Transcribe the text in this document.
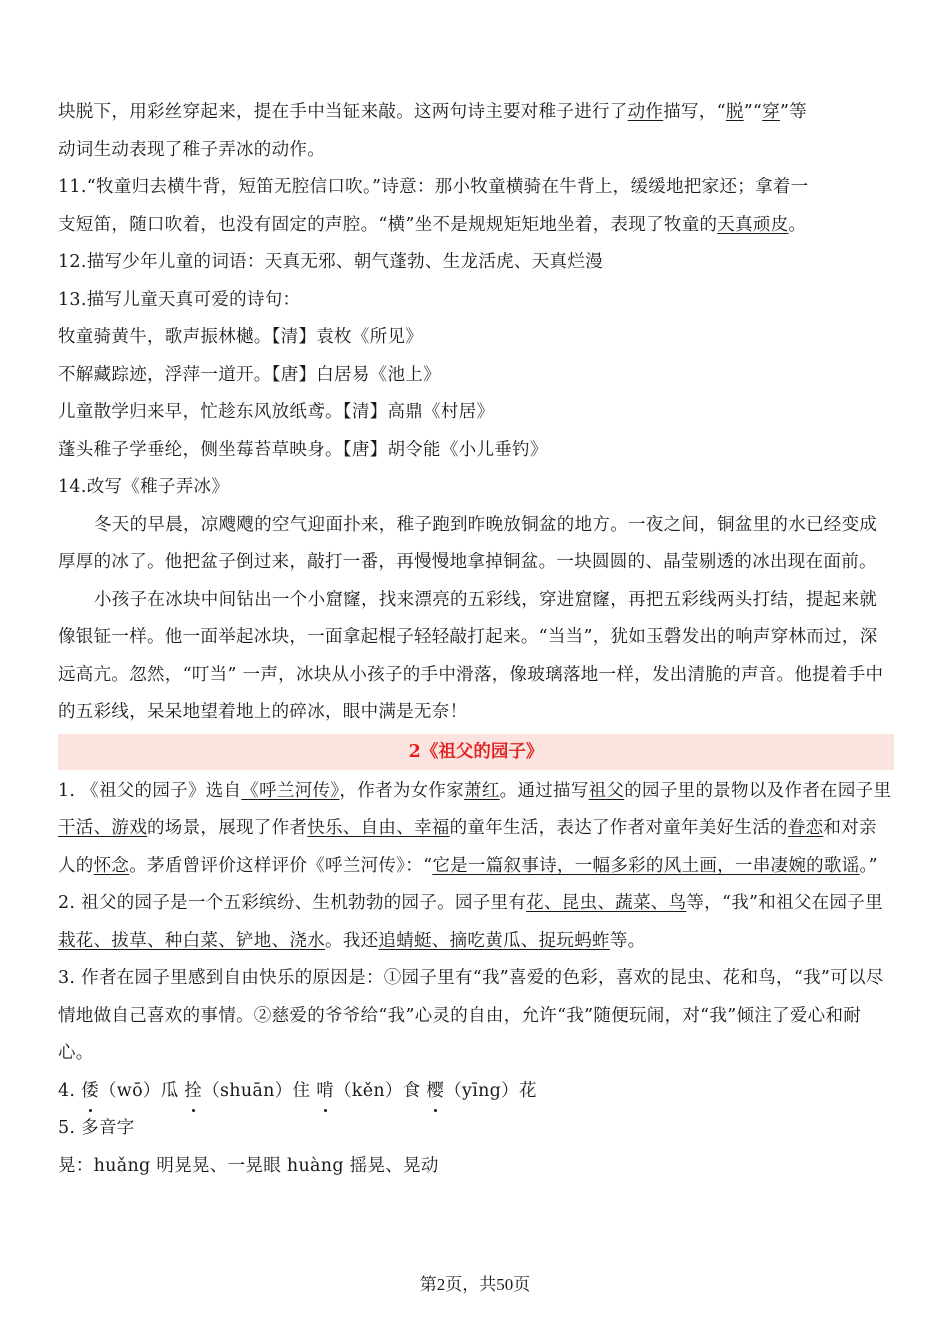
块脱下，用彩丝穿起来，提在手中当钲来敲。这两句诗主要对稚子进行了动作描写，“脱”“穿”等

动词生动表现了稚子弄冰的动作。

11.“牧童归去横牛背，短笛无腔信口吹。”诗意：那小牧童横骑在牛背上，缓缓地把家还；拿着一

支短笛，随口吹着，也没有固定的声腔。“横”坐不是规规矩矩地坐着，表现了牧童的天真顽皮。

12.描写少年儿童的词语：天真无邪、朝气蓬勃、生龙活虎、天真烂漫

13.描写儿童天真可爱的诗句：

牧童骑黄牛，歌声振林樾。【清】袁枚《所见》

不解藏踪迹，浮萍一道开。【唐】白居易《池上》

儿童散学归来早，忙趁东风放纸鸢。【清】高鼎《村居》

蓬头稚子学垂纶，侧坐莓苔草映身。【唐】胡令能《小儿垂钓》

14.改写《稚子弄冰》

冬天的早晨，凉飕飕的空气迎面扑来，稚子跑到昨晚放铜盆的地方。一夜之间，铜盆里的水已经变成厚厚的冰了。他把盆子倒过来，敲打一番，再慢慢地拿掉铜盆。一块圆圆的、晶莹剔透的冰出现在面前。

小孩子在冰块中间钻出一个小窟窿，找来漂亮的五彩线，穿进窟窿，再把五彩线两头打结，提起来就像银钲一样。他一面举起冰块，一面拿起棍子轻轻敲打起来。“当当”，犹如玉磬发出的响声穿林而过，深远高亢。忽然，“叮当” 一声，冰块从小孩子的手中滑落，像玻璃落地一样，发出清脆的声音。他提着手中的五彩线，呆呆地望着地上的碎冰，眼中满是无奈！

2《祖父的园子》

1. 《祖父的园子》选自《呼兰河传》，作者为女作家萧红。通过描写祖父的园子里的景物以及作者在园子里干活、游戏的场景，展现了作者快乐、自由、幸福的童年生活，表达了作者对童年美好生活的眷恋和对亲人的怀念。茅盾曾评价这样评价《呼兰河传》：“它是一篇叙事诗，一幅多彩的风土画，一串凄婉的歌谣。”

2. 祖父的园子是一个五彩缤纷、生机勃勃的园子。园子里有花、昆虫、蔬菜、鸟等，“我”和祖父在园子里栽花、拔草、种白菜、铲地、浇水。我还追蜻蜓、摘吃黄瓜、捉玩蚂蚱等。

3. 作者在园子里感到自由快乐的原因是：①园子里有“我”喜爱的色彩，喜欢的昆虫、花和鸟，“我”可以尽情地做自己喜欢的事情。②慈爱的爷爷给“我”心灵的自由，允许“我”随便玩闹，对“我”倾注了爱心和耐心。

4. 倭（wō）瓜 拴（shuān）住 啃（kěn）食 樱（yīng）花

5. 多音字

晃：huǎng 明晃晃、一晃眼 huàng 摇晃、晃动

第2页，共50页
